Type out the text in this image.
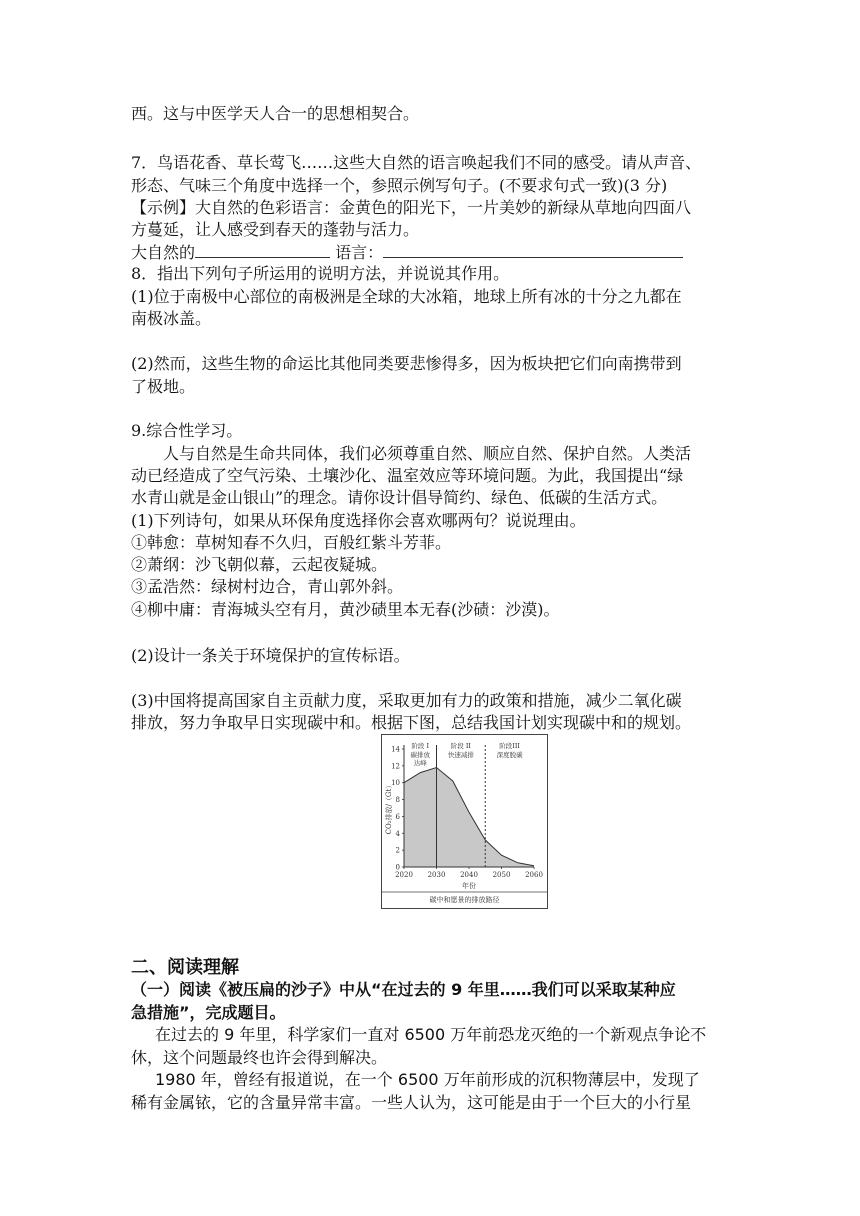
西。这与中医学天人合一的思想相契合。
7．鸟语花香、草长莺飞……这些大自然的语言唤起我们不同的感受。请从声音、
形态、气味三个角度中选择一个，参照示例写句子。(不要求句式一致)(3 分)
【示例】大自然的色彩语言：金黄色的阳光下，一片美妙的新绿从草地向四面八
方蔓延，让人感受到春天的蓬勃与活力。
大自然的	语言：
8．指出下列句子所运用的说明方法，并说说其作用。
(1)位于南极中心部位的南极洲是全球的大冰箱，地球上所有冰的十分之九都在
南极冰盖。
(2)然而，这些生物的命运比其他同类要悲惨得多，因为板块把它们向南携带到
了极地。
9.综合性学习。
人与自然是生命共同体，我们必须尊重自然、顺应自然、保护自然。人类活
动已经造成了空气污染、土壤沙化、温室效应等环境问题。为此，我国提出“绿
水青山就是金山银山”的理念。请你设计倡导简约、绿色、低碳的生活方式。
(1)下列诗句，如果从环保角度选择你会喜欢哪两句？说说理由。
①韩愈：草树知春不久归，百般红紫斗芳菲。
②萧纲：沙飞朝似幕，云起夜疑城。
③孟浩然：绿树村边合，青山郭外斜。
④柳中庸：青海城头空有月，黄沙碛里本无春(沙碛：沙漠)。
(2)设计一条关于环境保护的宣传标语。
(3)中国将提高国家自主贡献力度，采取更加有力的政策和措施，减少二氧化碳
排放，努力争取早日实现碳中和。根据下图，总结我国计划实现碳中和的规划。
0
2
4
6
8
10
12
14
2020 2030 2040 2050 2060
阶段 I
碳排放
达峰
阶段 II
快速减排
阶段III
深度脱碳
CO₂排放/（Gt）
年份
碳中和愿景的排放路径
二、阅读理解
（一）阅读《被压扁的沙子》中从“在过去的 9 年里……我们可以采取某种应
急措施”，完成题目。
在过去的 9 年里，科学家们一直对 6500 万年前恐龙灭绝的一个新观点争论不
休，这个问题最终也许会得到解决。
1980 年，曾经有报道说，在一个 6500 万年前形成的沉积物薄层中，发现了
稀有金属铱，它的含量异常丰富。一些人认为，这可能是由于一个巨大的小行星
